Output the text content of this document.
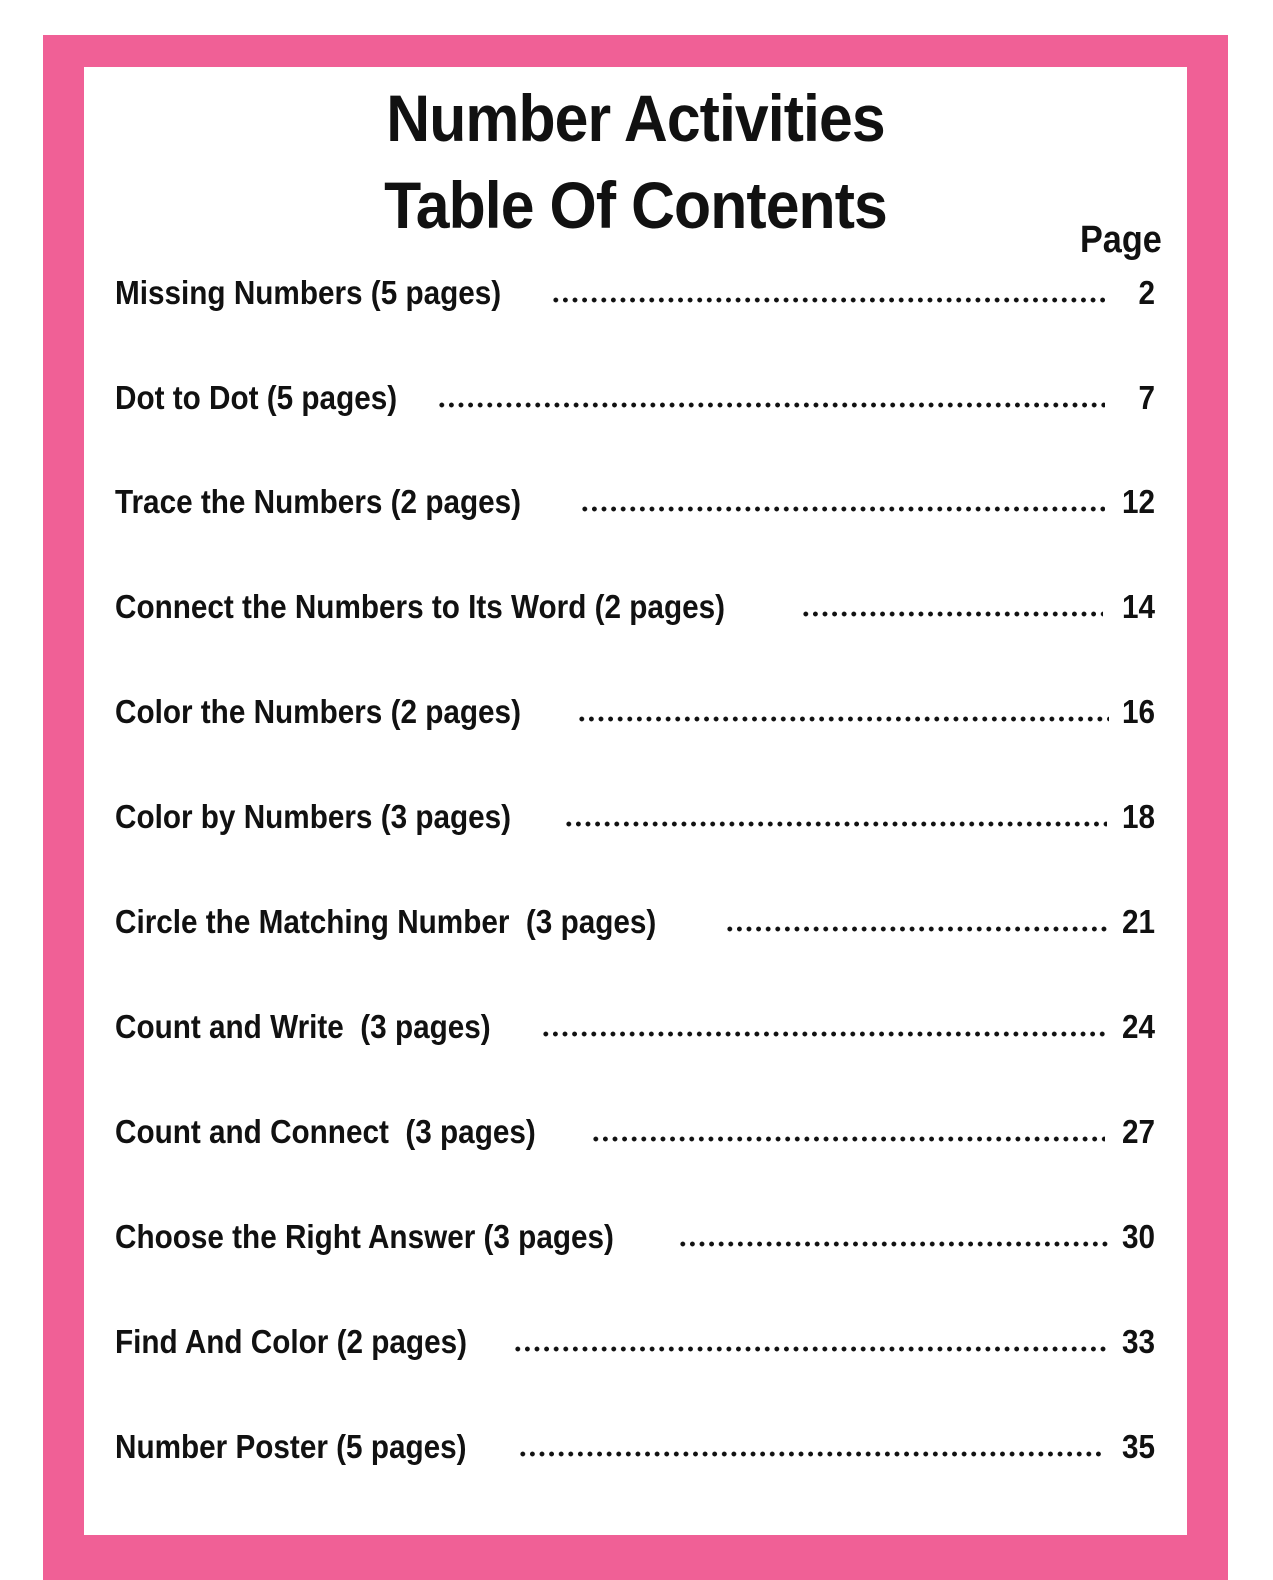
Number Activities
Table Of Contents	Page
Missing Numbers (5 pages)	2
Dot to Dot (5 pages)	7
Trace the Numbers (2 pages)	12
Connect the Numbers to Its Word (2 pages)	14
Color the Numbers (2 pages)	16
Color by Numbers (3 pages)	18
Circle the Matching Number  (3 pages)	21
Count and Write  (3 pages)	24
Count and Connect  (3 pages)	27
Choose the Right Answer (3 pages)	30
Find And Color (2 pages)	33
Number Poster (5 pages)	35
